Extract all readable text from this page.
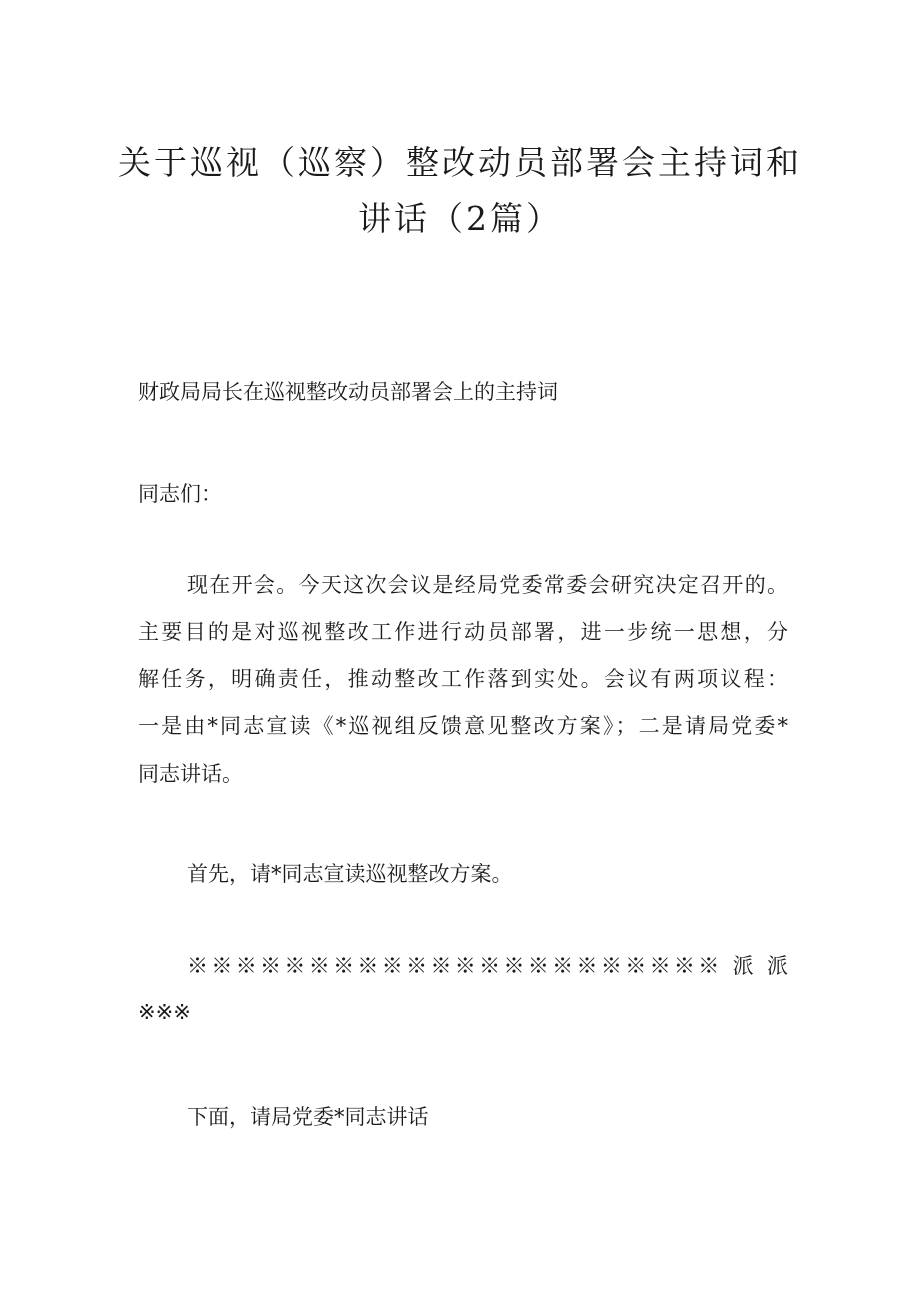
关于巡视（巡察）整改动员部署会主持词和
讲话（2篇）
财政局局长在巡视整改动员部署会上的主持词
同志们：
现在开会。今天这次会议是经局党委常委会研究决定召开的。
主要目的是对巡视整改工作进行动员部署，进一步统一思想，分
解任务，明确责任，推动整改工作落到实处。会议有两项议程：
一是由*同志宣读《*巡视组反馈意见整改方案》；二是请局党委*
同志讲话。
首先，请*同志宣读巡视整改方案。
※※※※※※※※※※※※※※※※※※※※※※ 派 派
※※※
下面，请局党委*同志讲话
